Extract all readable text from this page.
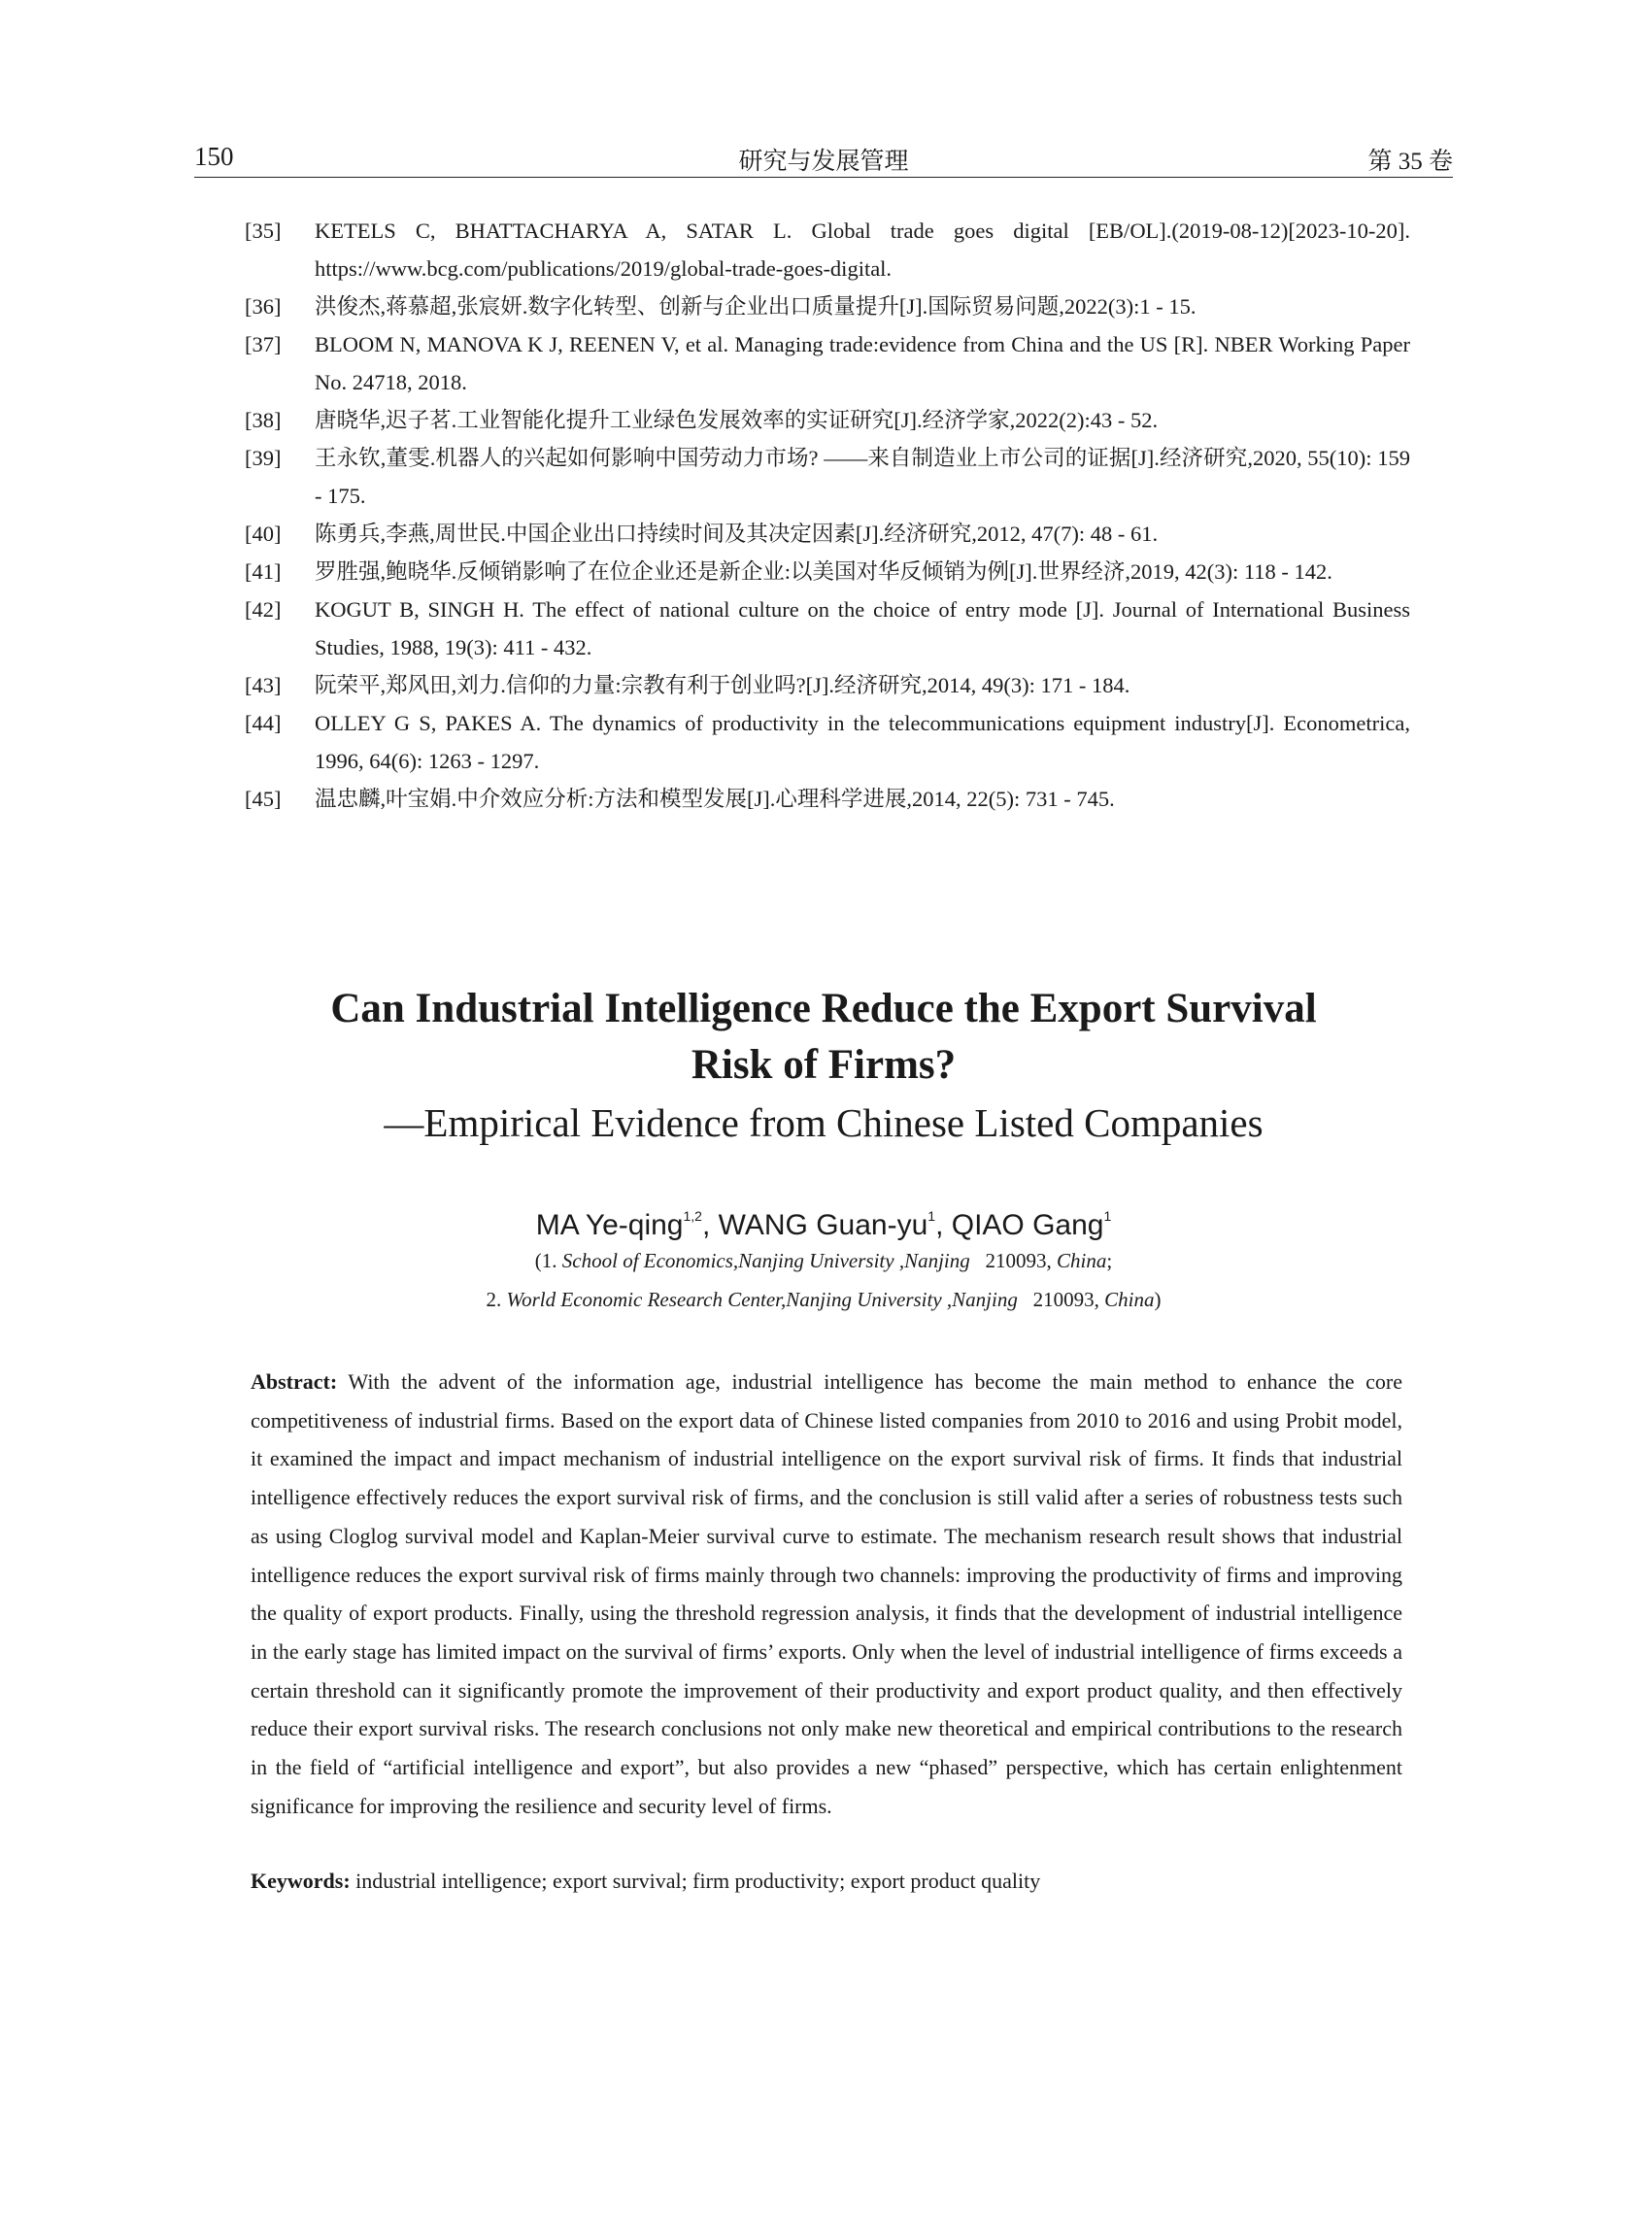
150	研究与发展管理	第 35 卷
[35] KETELS C, BHATTACHARYA A, SATAR L. Global trade goes digital [EB/OL].(2019-08-12)[2023-10-20]. https://www.bcg.com/publications/2019/global-trade-goes-digital.
[36] 洪俊杰,蒋慕超,张宸妍.数字化转型、创新与企业出口质量提升[J].国际贸易问题,2022(3):1 - 15.
[37] BLOOM N, MANOVA K J, REENEN V, et al. Managing trade:evidence from China and the US [R]. NBER Working Paper No. 24718, 2018.
[38] 唐晓华,迟子茗.工业智能化提升工业绿色发展效率的实证研究[J].经济学家,2022(2):43 - 52.
[39] 王永钦,董雯.机器人的兴起如何影响中国劳动力市场? ——来自制造业上市公司的证据[J].经济研究,2020, 55(10): 159 - 175.
[40] 陈勇兵,李燕,周世民.中国企业出口持续时间及其决定因素[J].经济研究,2012, 47(7): 48 - 61.
[41] 罗胜强,鲍晓华.反倾销影响了在位企业还是新企业:以美国对华反倾销为例[J].世界经济,2019, 42(3): 118 - 142.
[42] KOGUT B, SINGH H. The effect of national culture on the choice of entry mode [J]. Journal of International Business Studies, 1988, 19(3): 411 - 432.
[43] 阮荣平,郑风田,刘力.信仰的力量:宗教有利于创业吗?[J].经济研究,2014, 49(3): 171 - 184.
[44] OLLEY G S, PAKES A. The dynamics of productivity in the telecommunications equipment industry[J]. Econometrica, 1996, 64(6): 1263 - 1297.
[45] 温忠麟,叶宝娟.中介效应分析:方法和模型发展[J].心理科学进展,2014, 22(5): 731 - 745.
Can Industrial Intelligence Reduce the Export Survival
Risk of Firms?
—Empirical Evidence from Chinese Listed Companies
MA Ye-qing$^{1,2}$, WANG Guan-$yu^1$, QIAO Gang$^1$
(1. School of Economics,Nanjing University ,Nanjing   210093, China;
2. World Economic Research Center,Nanjing University ,Nanjing   210093, China)
Abstract: With the advent of the information age, industrial intelligence has become the main method to enhance the core competitiveness of industrial firms. Based on the export data of Chinese listed companies from 2010 to 2016 and using Probit model, it examined the impact and impact mechanism of industrial intelligence on the export survival risk of firms. It finds that industrial intelligence effectively reduces the export survival risk of firms, and the conclusion is still valid after a series of robustness tests such as using Cloglog survival model and Kaplan-Meier survival curve to estimate. The mechanism research result shows that industrial intelligence reduces the export survival risk of firms mainly through two channels: improving the productivity of firms and improving the quality of export products. Finally, using the threshold regression analysis, it finds that the development of industrial intelligence in the early stage has limited impact on the survival of firms’ exports. Only when the level of industrial intelligence of firms exceeds a certain threshold can it significantly promote the improvement of their productivity and export product quality, and then effectively reduce their export survival risks. The research conclusions not only make new theoretical and empirical contributions to the research in the field of “artificial intelligence and export”, but also provides a new “phased” perspective, which has certain enlightenment significance for improving the resilience and security level of firms.
Keywords: industrial intelligence; export survival; firm productivity; export product quality
